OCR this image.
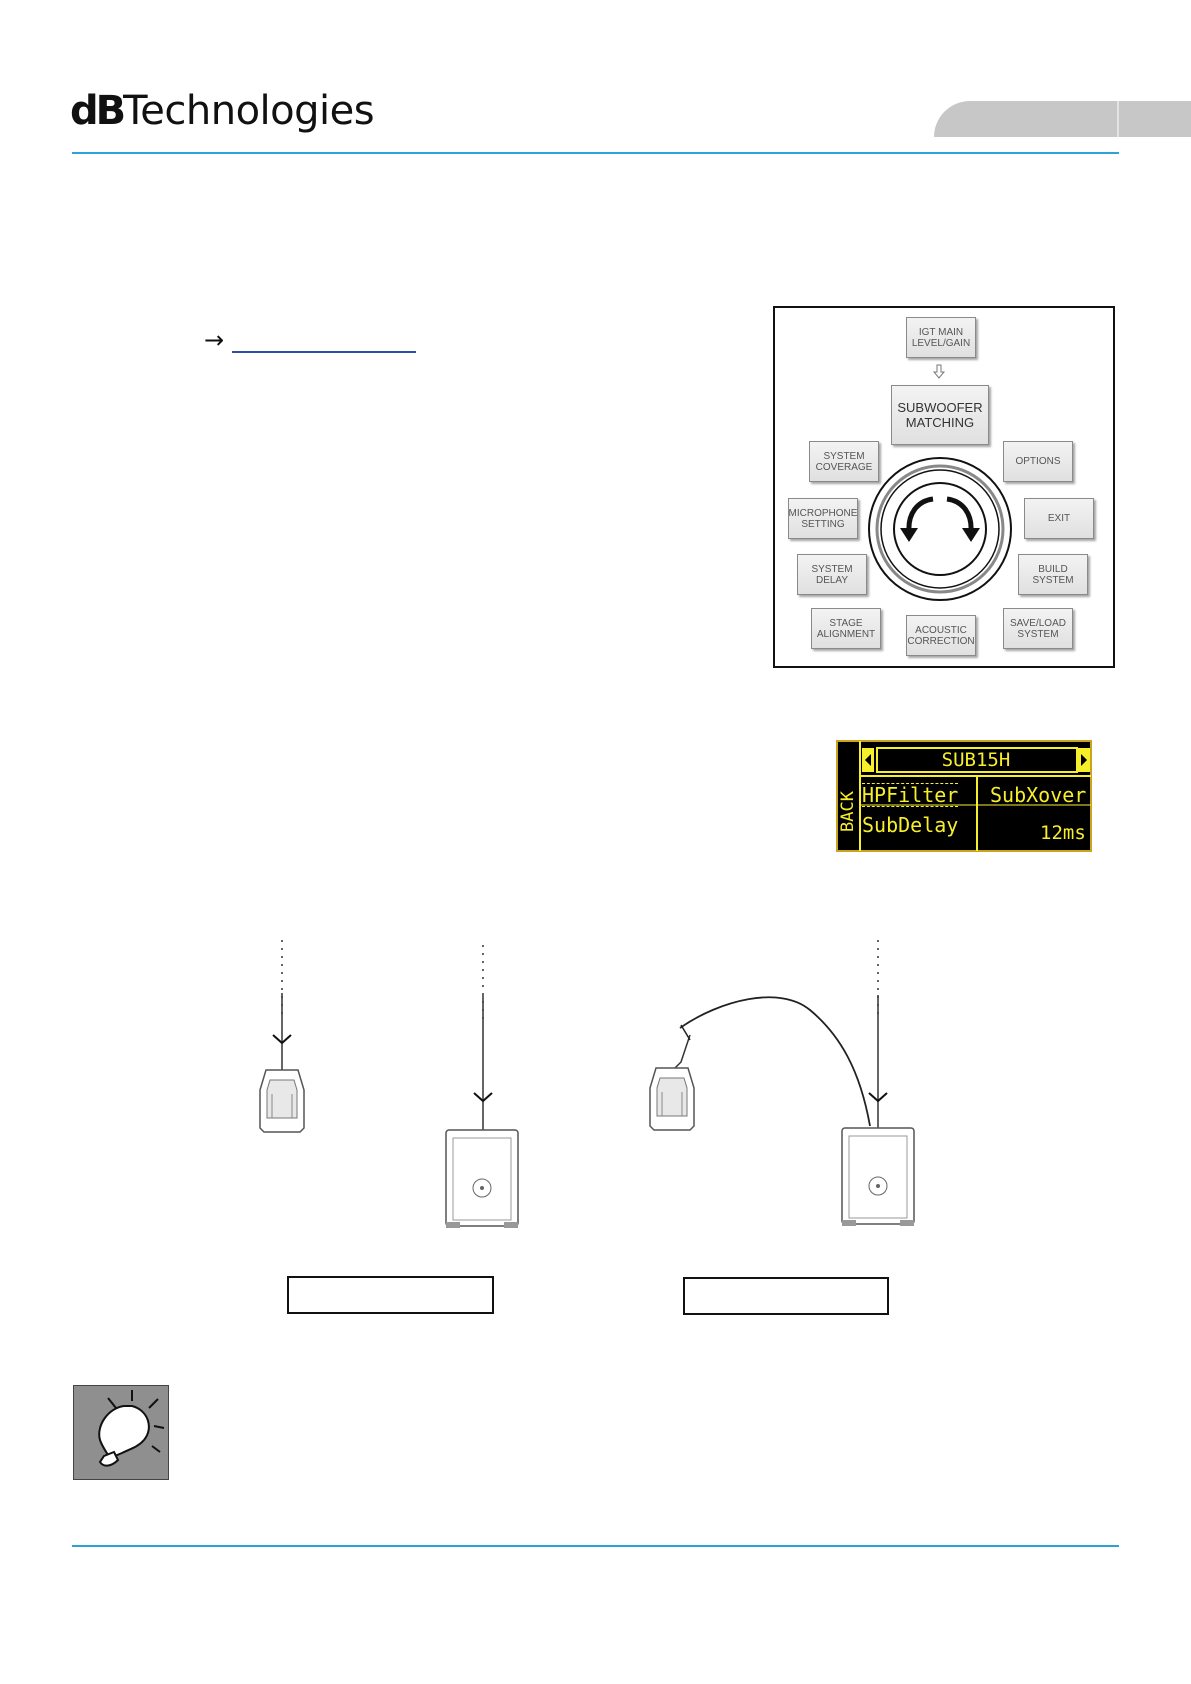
dBTechnologies
→	IGT MAIN
LEVEL/GAIN
SUBWOOFER
MATCHING
SYSTEM
COVERAGE	OPTIONS
MICROPHONE
SETTING	EXIT
SYSTEM
DELAY
BUILD
SYSTEM
STAGE
ALIGNMENT	ACOUSTIC
CORRECTION
SAVE/LOAD
SYSTEM
BACK
SUB15H
HPFilter SubXover
SubDelay	12ms
